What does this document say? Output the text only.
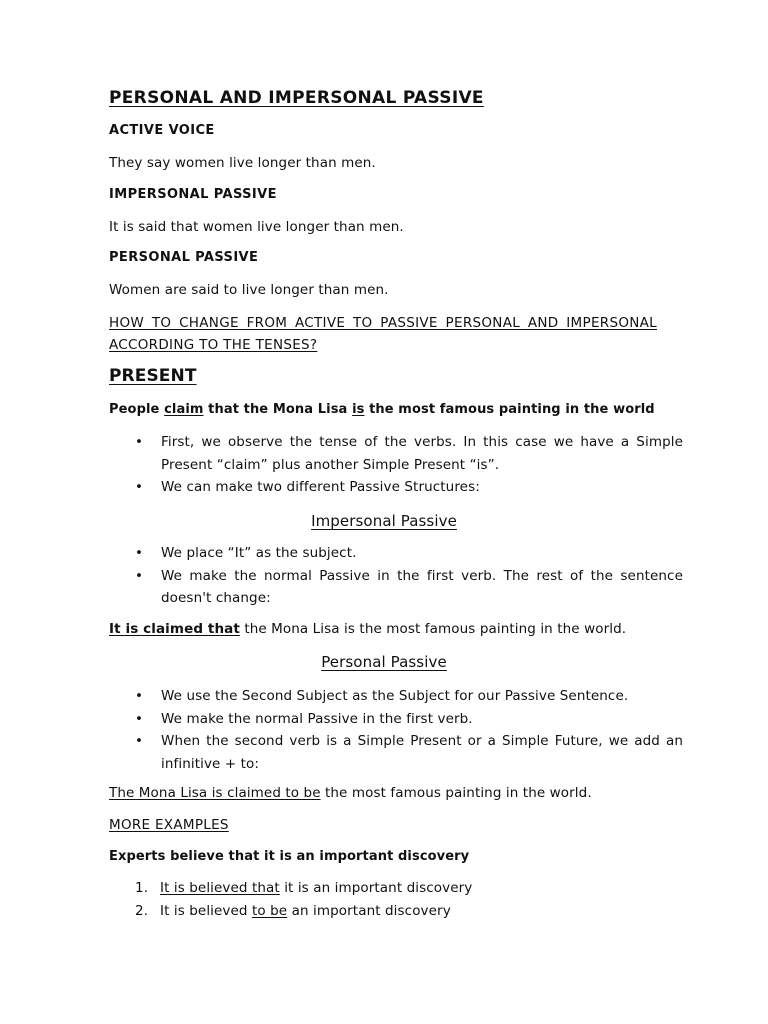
PERSONAL AND IMPERSONAL PASSIVE
ACTIVE VOICE
They say women live longer than men.
IMPERSONAL PASSIVE
It is said that women live longer than men.
PERSONAL PASSIVE
Women are said to live longer than men.
HOW TO CHANGE FROM ACTIVE TO PASSIVE PERSONAL AND IMPERSONAL ACCORDING TO THE TENSES?
PRESENT
People claim that the Mona Lisa is the most famous painting in the world
• First, we observe the tense of the verbs. In this case we have a Simple Present “claim” plus another Simple Present “is”.
• We can make two different Passive Structures:
Impersonal Passive
• We place “It” as the subject.
• We make the normal Passive in the first verb. The rest of the sentence doesn't change:
It is claimed that the Mona Lisa is the most famous painting in the world.
Personal Passive
• We use the Second Subject as the Subject for our Passive Sentence.
• We make the normal Passive in the first verb.
• When the second verb is a Simple Present or a Simple Future, we add an infinitive + to:
The Mona Lisa is claimed to be the most famous painting in the world.
MORE EXAMPLES
Experts believe that it is an important discovery
1. It is believed that it is an important discovery
2. It is believed to be an important discovery
